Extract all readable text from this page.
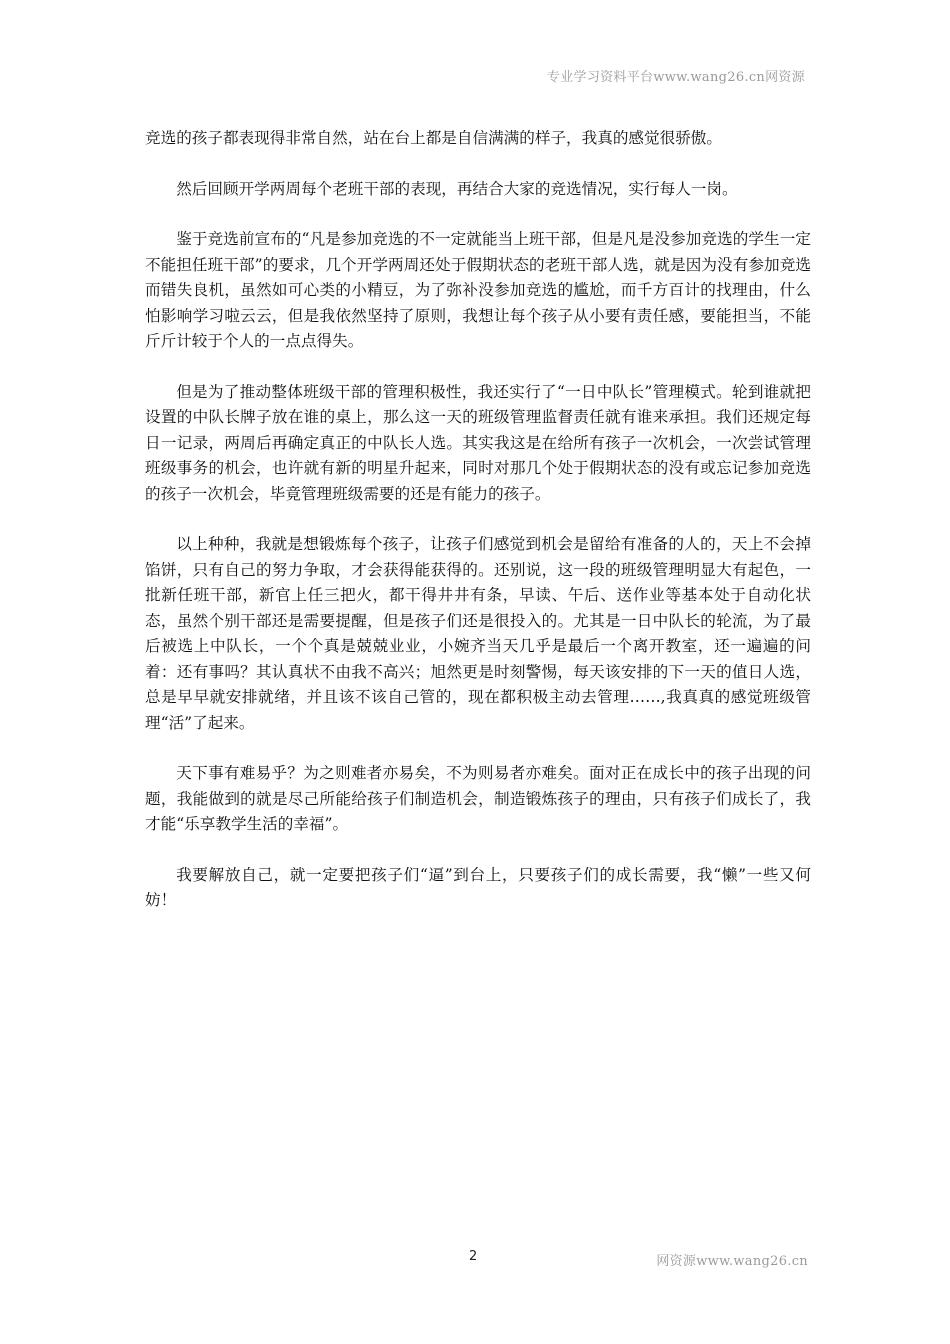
专业学习资料平台www.wang26.cn网资源

竞选的孩子都表现得非常自然，站在台上都是自信满满的样子，我真的感觉很骄傲。

然后回顾开学两周每个老班干部的表现，再结合大家的竞选情况，实行每人一岗。

鉴于竞选前宣布的“凡是参加竞选的不一定就能当上班干部，但是凡是没参加竞选的学生一定不能担任班干部”的要求，几个开学两周还处于假期状态的老班干部人选，就是因为没有参加竞选而错失良机，虽然如可心类的小精豆，为了弥补没参加竞选的尴尬，而千方百计的找理由，什么怕影响学习啦云云，但是我依然坚持了原则，我想让每个孩子从小要有责任感，要能担当，不能斤斤计较于个人的一点点得失。

但是为了推动整体班级干部的管理积极性，我还实行了“一日中队长”管理模式。轮到谁就把设置的中队长牌子放在谁的桌上，那么这一天的班级管理监督责任就有谁来承担。我们还规定每日一记录，两周后再确定真正的中队长人选。其实我这是在给所有孩子一次机会，一次尝试管理班级事务的机会，也许就有新的明星升起来，同时对那几个处于假期状态的没有或忘记参加竞选的孩子一次机会，毕竟管理班级需要的还是有能力的孩子。

以上种种，我就是想锻炼每个孩子，让孩子们感觉到机会是留给有准备的人的，天上不会掉馅饼，只有自己的努力争取，才会获得能获得的。还别说，这一段的班级管理明显大有起色，一批新任班干部，新官上任三把火，都干得井井有条，早读、午后、送作业等基本处于自动化状态，虽然个别干部还是需要提醒，但是孩子们还是很投入的。尤其是一日中队长的轮流，为了最后被选上中队长，一个个真是兢兢业业，小婉齐当天几乎是最后一个离开教室，还一遍遍的问着：还有事吗？其认真状不由我不高兴；旭然更是时刻警惕，每天该安排的下一天的值日人选，总是早早就安排就绪，并且该不该自己管的，现在都积极主动去管理……,我真真的感觉班级管理“活”了起来。

天下事有难易乎？为之则难者亦易矣，不为则易者亦难矣。面对正在成长中的孩子出现的问题，我能做到的就是尽己所能给孩子们制造机会，制造锻炼孩子的理由，只有孩子们成长了，我才能“乐享教学生活的幸福”。

我要解放自己，就一定要把孩子们“逼”到台上，只要孩子们的成长需要，我“懒”一些又何妨！

2	网资源www.wang26.cn
